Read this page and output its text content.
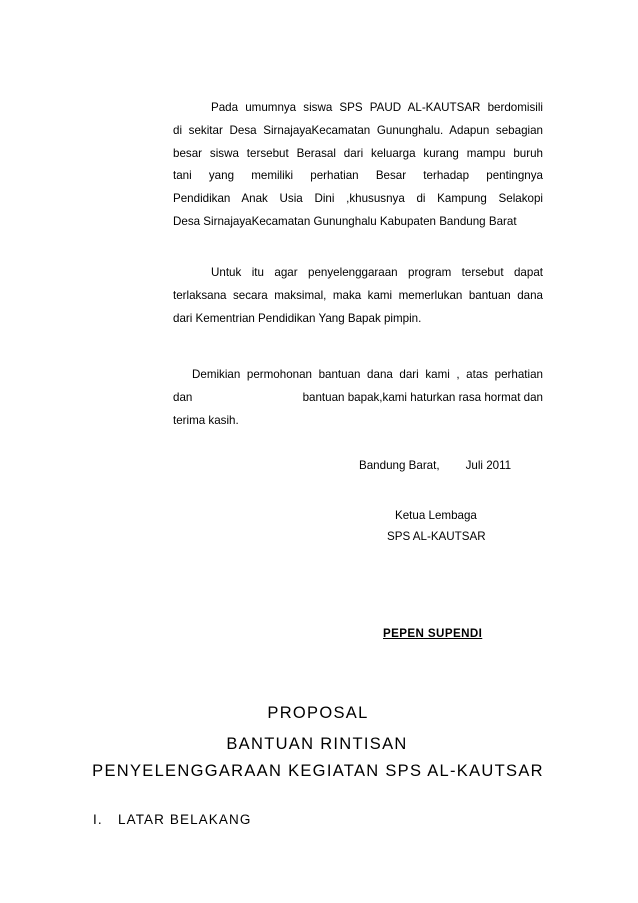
Pada umumnya siswa SPS PAUD AL-KAUTSAR berdomisili
di sekitar Desa SirnajayaKecamatan Gununghalu. Adapun sebagian
besar siswa tersebut Berasal dari keluarga kurang mampu buruh
tani yang memiliki perhatian Besar terhadap pentingnya
Pendidikan Anak Usia Dini ,khususnya di Kampung Selakopi
Desa SirnajayaKecamatan Gununghalu Kabupaten Bandung Barat
Untuk itu agar penyelenggaraan program tersebut dapat
terlaksana secara maksimal, maka kami memerlukan bantuan dana
dari Kementrian Pendidikan Yang Bapak pimpin.
Demikian permohonan bantuan dana dari kami , atas perhatian
dan	bantuan bapak,kami haturkan rasa hormat dan
terima kasih.
Bandung Barat, Juli 2011
Ketua Lembaga
SPS AL-KAUTSAR
PEPEN SUPENDI
PROPOSAL
BANTUAN RINTISAN
PENYELENGGARAAN KEGIATAN SPS AL-KAUTSAR
I. LATAR BELAKANG
